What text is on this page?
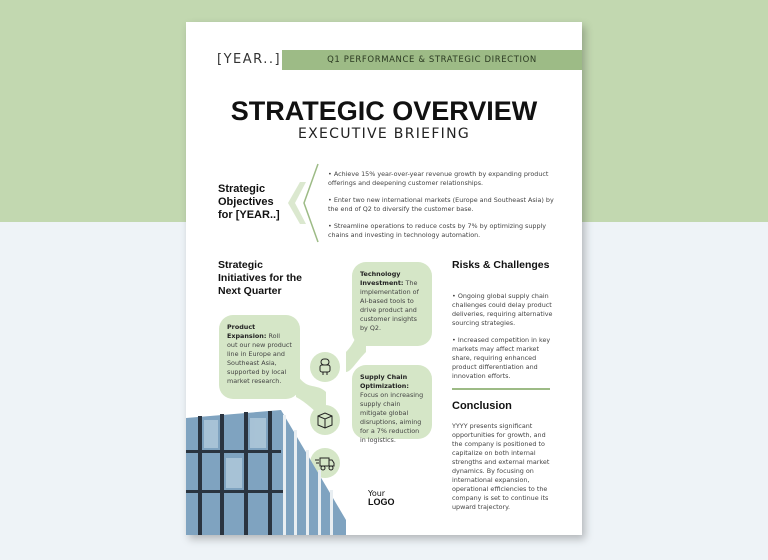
[YEAR..]	Q1 PERFORMANCE & STRATEGIC DIRECTION
STRATEGIC OVERVIEW
EXECUTIVE BRIEFING
Strategic Objectives for [YEAR..]
• Achieve 15% year-over-year revenue growth by expanding product offerings and deepening customer relationships.
• Enter two new international markets (Europe and Southeast Asia) by the end of Q2 to diversify the customer base.
• Streamline operations to reduce costs by 7% by optimizing supply chains and investing in technology automation.
Strategic Initiatives for the Next Quarter
Technology Investment: The implementation of AI-based tools to drive product and customer insights by Q2.
Product Expansion: Roll out our new product line in Europe and Southeast Asia, supported by local market research.	Supply Chain Optimization: Focus on increasing supply chain mitigate global disruptions, aiming for a 7% reduction in logistics.
Your
LOGO
Risks & Challenges
• Ongoing global supply chain challenges could delay product deliveries, requiring alternative sourcing strategies.
• Increased competition in key markets may affect market share, requiring enhanced product differentiation and innovation efforts.
Conclusion
YYYY presents significant opportunities for growth, and the company is positioned to capitalize on both internal strengths and external market dynamics. By focusing on international expansion, operational efficiencies to the company is set to continue its upward trajectory.
